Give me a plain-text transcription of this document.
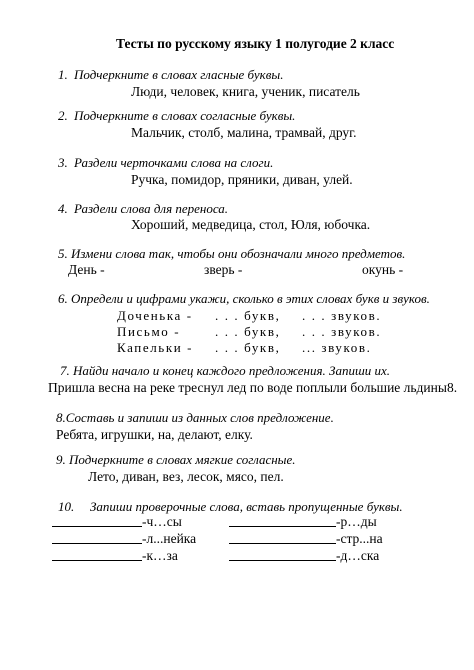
Тесты по русскому языку 1 полугодие 2 класс
1. Подчеркните в словах гласные буквы.
Люди, человек, книга, ученик, писатель
2. Подчеркните в словах согласные буквы.
Мальчик, столб, малина, трамвай, друг.
3. Раздели черточками слова на слоги.
Ручка, помидор, пряники, диван, улей.
4. Раздели слова для переноса.
Хороший, медведица, стол, Юля, юбочка.
5. Измени слова так, чтобы они обозначали много предметов.
День -	зверь -	окунь -
6. Определи и цифрами укажи, сколько в этих словах букв и звуков.
Доченька - . . . букв, . . . звуков.
Письмо -	. . . букв, . . . звуков.
Капельки - . . . букв, ... звуков.
7. Найди начало и конец каждого предложения. Запиши их.
Пришла весна на реке треснул лед по воде поплыли большие льдины8.
8.Составь и запиши из данных слов предложение.
Ребята, игрушки, на, делают, елку.
9. Подчеркните в словах мягкие согласные.
Лето, диван, вез, лесок, мясо, пел.
10. Запиши проверочные слова, вставь пропущенные буквы.
-ч…сы	-р…ды
-л...нейка	-стр...на
-к…за	-д…ска
